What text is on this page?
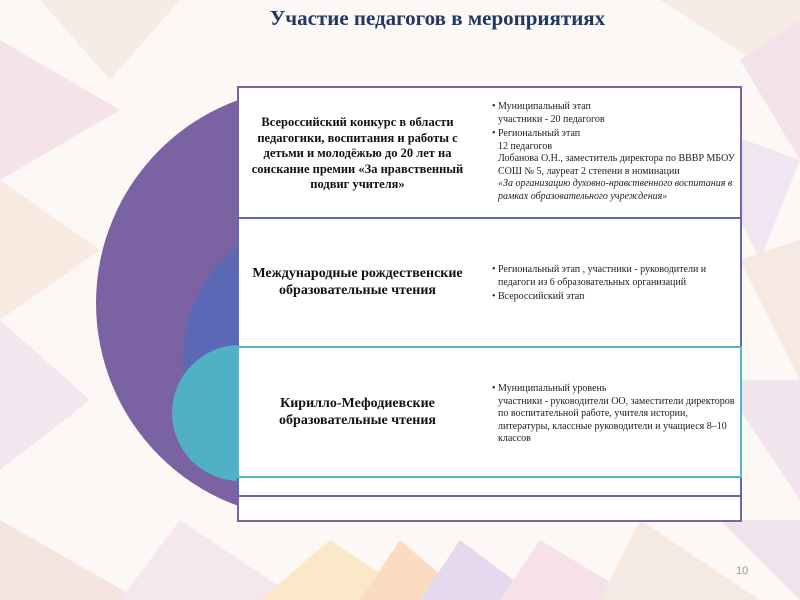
Участие педагогов в мероприятиях
Всероссийский конкурс в области педагогики, воспитания и работы с детьми и молодёжью до 20 лет на соискание премии «За нравственный подвиг учителя»
• Муниципальный этап
участники - 20 педагогов
• Региональный этап
12 педагогов
Лобанова О.Н., заместитель директора по ВВВР МБОУ СОШ № 5, лауреат 2 степени в номинации
«За организацию духовно-нравственного воспитания в рамках образовательного учреждения»
Международные рождественские образовательные чтения
• Региональный этап , участники - руководители и педагоги из 6 образовательных организаций
• Всероссийский этап
Кирилло-Мефодиевские образовательные чтения
• Муниципальный уровень
участники - руководители ОО, заместители директоров по воспитательной работе, учителя истории, литературы, классные руководители и учащиеся 8–10 классов
10
